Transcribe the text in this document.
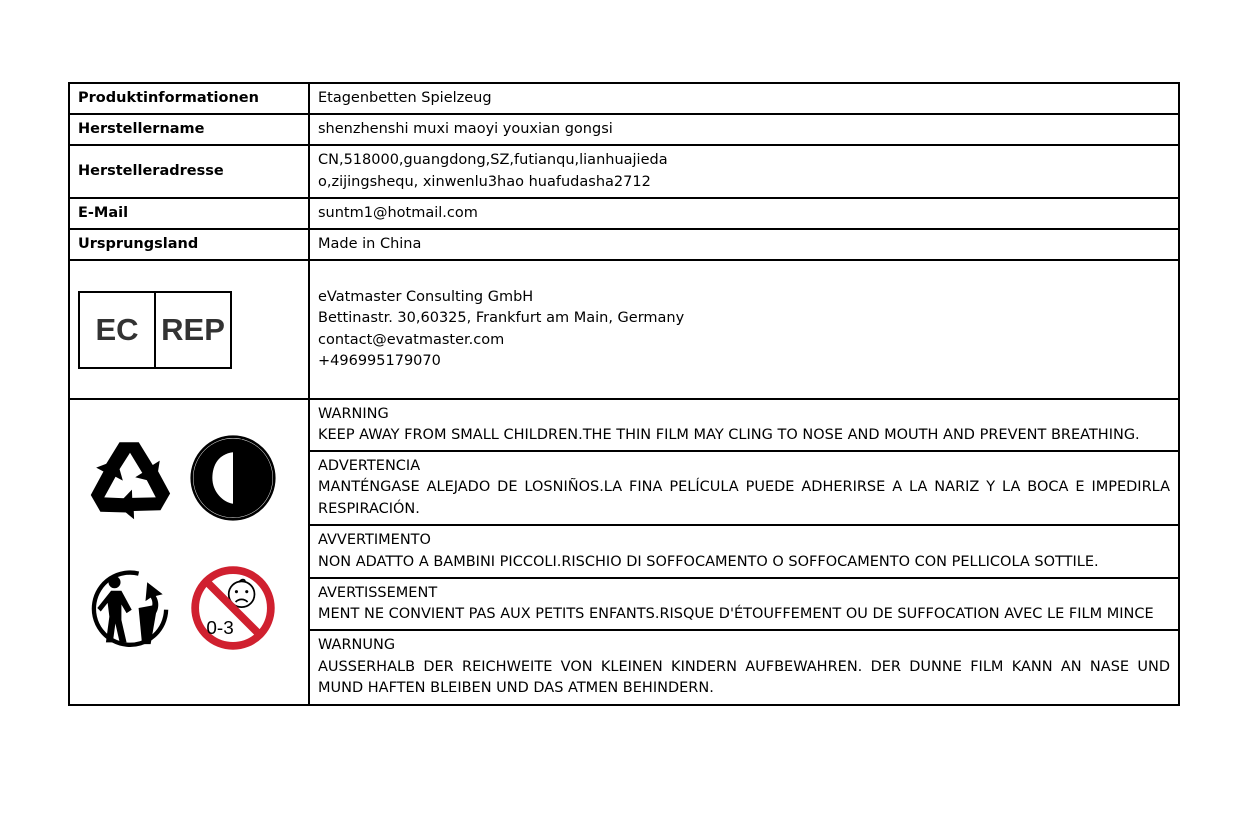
Produktinformationen	Etagenbetten Spielzeug
Herstellername	shenzhenshi muxi maoyi youxian gongsi
Herstelleradresse	CN,518000,guangdong,SZ,futianqu,lianhuajieda
o,zijingshequ, xinwenlu3hao huafudasha2712

E-Mail	suntm1@hotmail.com
Ursprungsland	Made in China

EC REP	eVatmaster Consulting GmbH
Bettinastr. 30,60325, Frankfurt am Main, Germany
contact@evatmaster.com
+496995179070

0-3	WARNING
KEEP AWAY FROM SMALL CHILDREN.THE THIN FILM MAY CLING TO NOSE AND MOUTH AND PREVENT BREATHING.

	ADVERTENCIA
MANTÉNGASE ALEJADO DE LOSNIÑOS.LA FINA PELÍCULA PUEDE ADHERIRSE A LA NARIZ Y LA BOCA E IMPEDIRLA RESPIRACIÓN.

	AVVERTIMENTO
NON ADATTO A BAMBINI PICCOLI.RISCHIO DI SOFFOCAMENTO O SOFFOCAMENTO CON PELLICOLA SOTTILE.

	AVERTISSEMENT
MENT NE CONVIENT PAS AUX PETITS ENFANTS.RISQUE D'ÉTOUFFEMENT OU DE SUFFOCATION AVEC LE FILM MINCE

	WARNUNG
AUSSERHALB DER REICHWEITE VON KLEINEN KINDERN AUFBEWAHREN. DER DUNNE FILM KANN AN NASE UND MUND HAFTEN BLEIBEN UND DAS ATMEN BEHINDERN.
